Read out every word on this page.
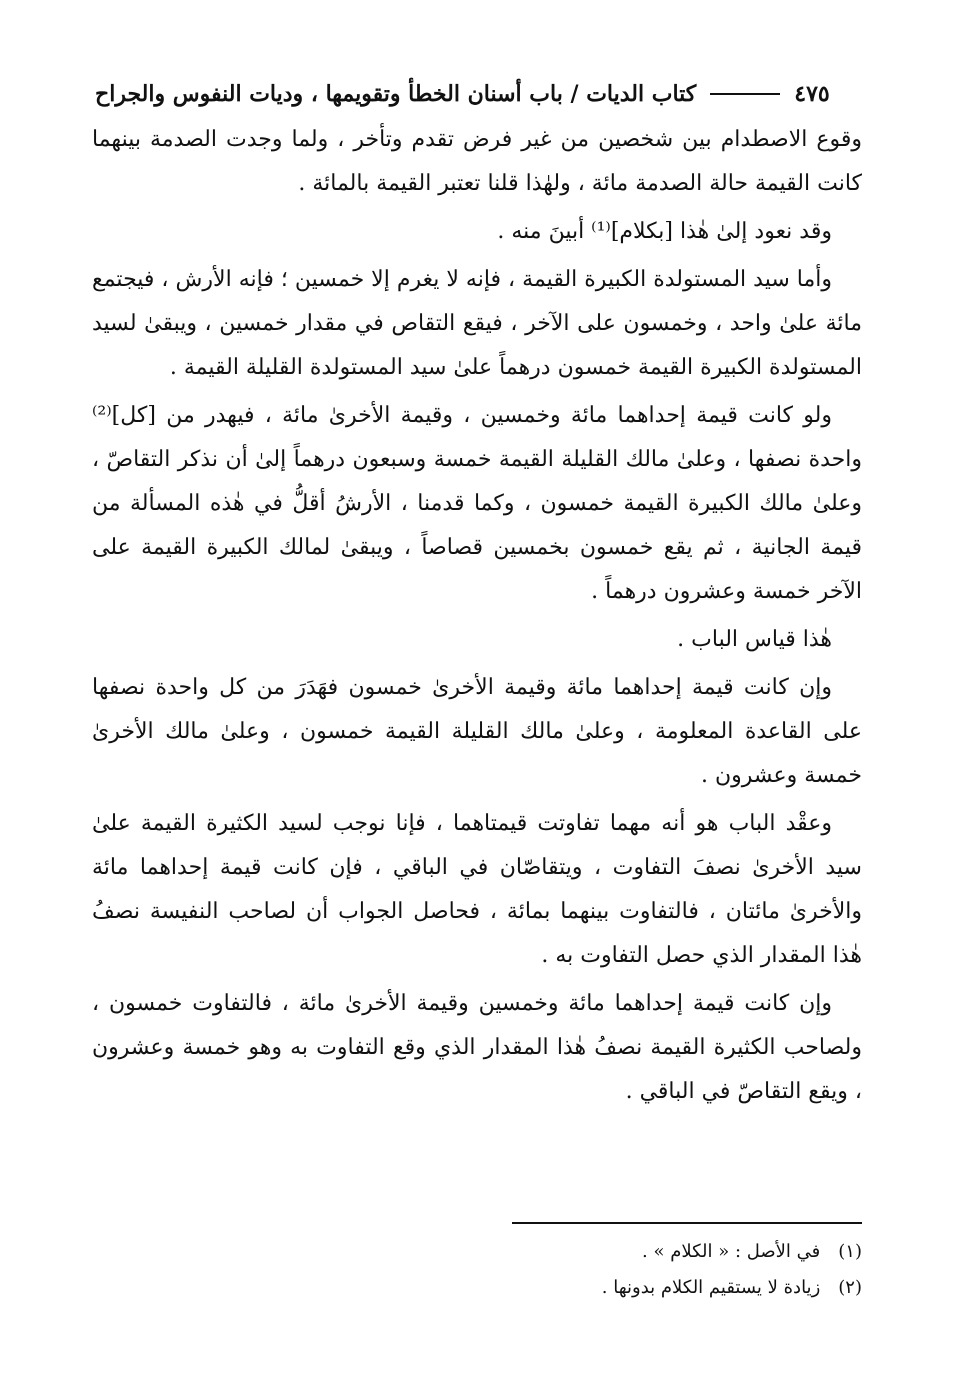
كتاب الديات / باب أسنان الخطأ وتقويمها ، وديات النفوس والجراح	٤٧٥

وقوع الاصطدام بين شخصين من غير فرض تقدم وتأخر ، ولما وجدت الصدمة بينهما كانت القيمة حالة الصدمة مائة ، ولهٰذا قلنا تعتبر القيمة بالمائة .

وقد نعود إلىٰ هٰذا [بكلام]⁽¹⁾ أبينَ منه .

وأما سيد المستولدة الكبيرة القيمة ، فإنه لا يغرم إلا خمسين ؛ فإنه الأرش ، فيجتمع مائة علىٰ واحد ، وخمسون على الآخر ، فيقع التقاص في مقدار خمسين ، ويبقىٰ لسيد المستولدة الكبيرة القيمة خمسون درهماً علىٰ سيد المستولدة القليلة القيمة .

ولو كانت قيمة إحداهما مائة وخمسين ، وقيمة الأخرىٰ مائة ، فيهدر من [كل]⁽²⁾ واحدة نصفها ، وعلىٰ مالك القليلة القيمة خمسة وسبعون درهماً إلىٰ أن نذكر التقاصّ ، وعلىٰ مالك الكبيرة القيمة خمسون ، وكما قدمنا ، الأرشُ أقلُّ في هٰذه المسألة من قيمة الجانية ، ثم يقع خمسون بخمسين قصاصاً ، ويبقىٰ لمالك الكبيرة القيمة على الآخر خمسة وعشرون درهماً .

هٰذا قياس الباب .

وإن كانت قيمة إحداهما مائة وقيمة الأخرىٰ خمسون فهَدَرَ من كل واحدة نصفها على القاعدة المعلومة ، وعلىٰ مالك القليلة القيمة خمسون ، وعلىٰ مالك الأخرىٰ خمسة وعشرون .

وعقْد الباب هو أنه مهما تفاوتت قيمتاهما ، فإنا نوجب لسيد الكثيرة القيمة علىٰ سيد الأخرىٰ نصفَ التفاوت ، ويتقاصّان في الباقي ، فإن كانت قيمة إحداهما مائة والأخرىٰ مائتان ، فالتفاوت بينهما بمائة ، فحاصل الجواب أن لصاحب النفيسة نصفُ هٰذا المقدار الذي حصل التفاوت به .

وإن كانت قيمة إحداهما مائة وخمسين وقيمة الأخرىٰ مائة ، فالتفاوت خمسون ، ولصاحب الكثيرة القيمة نصفُ هٰذا المقدار الذي وقع التفاوت به وهو خمسة وعشرون ، ويقع التقاصّ في الباقي .

(١)
في الأصل : « الكلام » .
(٢)
زيادة لا يستقيم الكلام بدونها .
